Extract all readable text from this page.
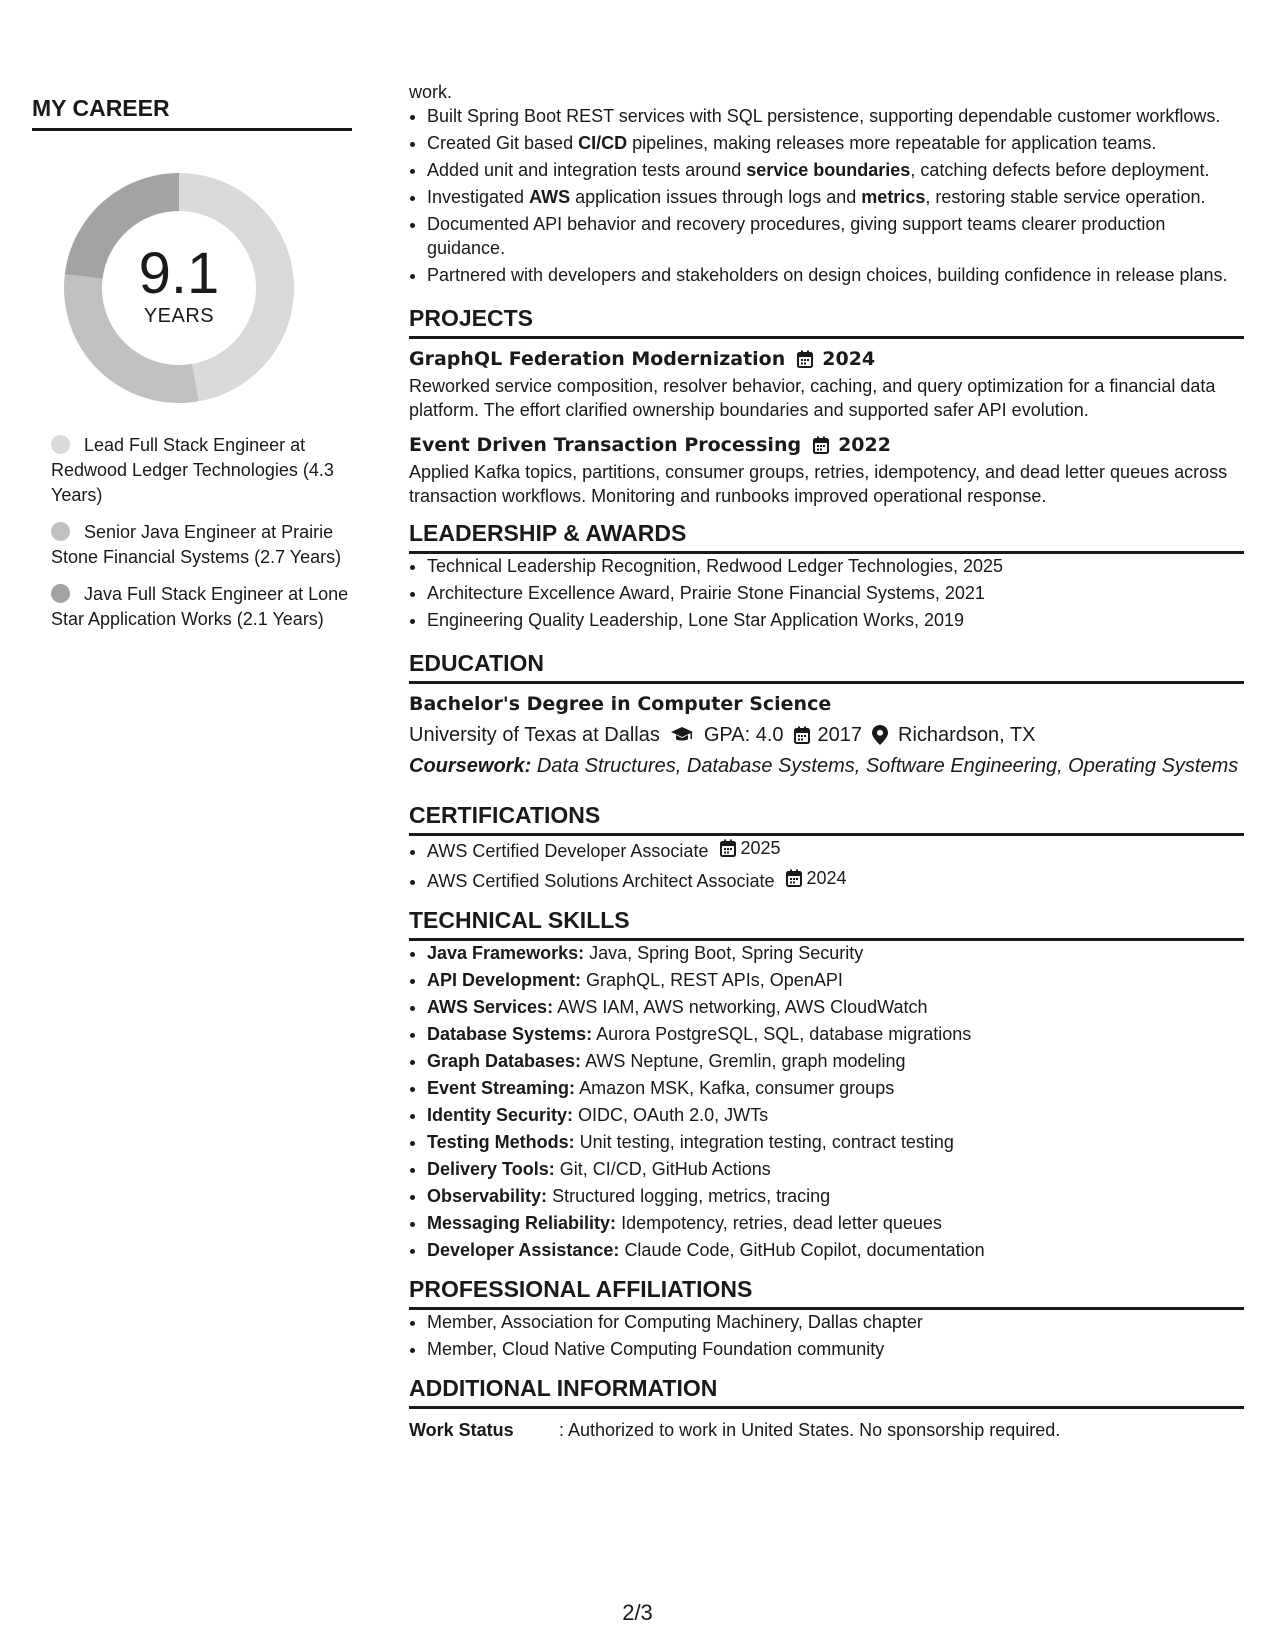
MY CAREER
9.1
YEARS
Lead Full Stack Engineer at Redwood Ledger Technologies (4.3 Years)
Senior Java Engineer at Prairie Stone Financial Systems (2.7 Years)
Java Full Stack Engineer at Lone Star Application Works (2.1 Years)
work.
• Built Spring Boot REST services with SQL persistence, supporting dependable customer workflows.
• Created Git based CI/CD pipelines, making releases more repeatable for application teams.
• Added unit and integration tests around service boundaries, catching defects before deployment.
• Investigated AWS application issues through logs and metrics, restoring stable service operation.
• Documented API behavior and recovery procedures, giving support teams clearer production guidance.
• Partnered with developers and stakeholders on design choices, building confidence in release plans.
PROJECTS
GraphQL Federation Modernization 2024
Reworked service composition, resolver behavior, caching, and query optimization for a financial data platform. The effort clarified ownership boundaries and supported safer API evolution.
Event Driven Transaction Processing 2022
Applied Kafka topics, partitions, consumer groups, retries, idempotency, and dead letter queues across transaction workflows. Monitoring and runbooks improved operational response.
LEADERSHIP & AWARDS
• Technical Leadership Recognition, Redwood Ledger Technologies, 2025
• Architecture Excellence Award, Prairie Stone Financial Systems, 2021
• Engineering Quality Leadership, Lone Star Application Works, 2019
EDUCATION
Bachelor's Degree in Computer Science
University of Texas at Dallas GPA: 4.0 2017 Richardson, TX
Coursework: Data Structures, Database Systems, Software Engineering, Operating Systems
CERTIFICATIONS
• AWS Certified Developer Associate 2025
• AWS Certified Solutions Architect Associate 2024
TECHNICAL SKILLS
• Java Frameworks: Java, Spring Boot, Spring Security
• API Development: GraphQL, REST APIs, OpenAPI
• AWS Services: AWS IAM, AWS networking, AWS CloudWatch
• Database Systems: Aurora PostgreSQL, SQL, database migrations
• Graph Databases: AWS Neptune, Gremlin, graph modeling
• Event Streaming: Amazon MSK, Kafka, consumer groups
• Identity Security: OIDC, OAuth 2.0, JWTs
• Testing Methods: Unit testing, integration testing, contract testing
• Delivery Tools: Git, CI/CD, GitHub Actions
• Observability: Structured logging, metrics, tracing
• Messaging Reliability: Idempotency, retries, dead letter queues
• Developer Assistance: Claude Code, GitHub Copilot, documentation
PROFESSIONAL AFFILIATIONS
• Member, Association for Computing Machinery, Dallas chapter
• Member, Cloud Native Computing Foundation community
ADDITIONAL INFORMATION
Work Status	: Authorized to work in United States. No sponsorship required.
2/3
